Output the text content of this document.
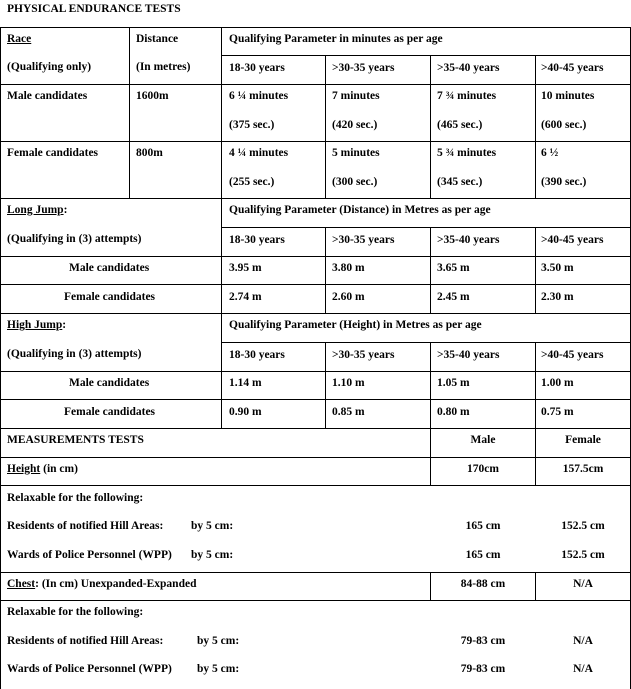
PHYSICAL ENDURANCE TESTS
Race
(Qualifying only)
Distance
(In metres)
Qualifying Parameter in minutes as per age
18-30 years	>30-35 years	>35-40 years	>40-45 years
Male candidates	1600m	6 ¼ minutes	7 minutes	7 ¾ minutes	10 minutes
(375 sec.)	(420 sec.)	(465 sec.)	(600 sec.)
Female candidates	800m	4 ¼ minutes	5 minutes	5 ¾ minutes	6 ½
(255 sec.)	(300 sec.)	(345 sec.)	(390 sec.)
Long Jump:
(Qualifying in (3) attempts)
Qualifying Parameter (Distance) in Metres as per age
18-30 years	>30-35 years	>35-40 years	>40-45 years
Male candidates	3.95 m	3.80 m	3.65 m	3.50 m
Female candidates	2.74 m	2.60 m	2.45 m	2.30 m
High Jump:
(Qualifying in (3) attempts)
Qualifying Parameter (Height) in Metres as per age
18-30 years	>30-35 years	>35-40 years	>40-45 years
Male candidates	1.14 m	1.10 m	1.05 m	1.00 m
Female candidates	0.90 m	0.85 m	0.80 m	0.75 m
MEASUREMENTS TESTS	Male	Female
Height (in cm)	170cm	157.5cm
Relaxable for the following:
Residents of notified Hill Areas: by 5 cm:	165 cm	152.5 cm
Wards of Police Personnel (WPP) by 5 cm:	165 cm	152.5 cm
Chest: (In cm) Unexpanded-Expanded	84-88 cm	N/A
Relaxable for the following:
Residents of notified Hill Areas:	by 5 cm:	79-83 cm	N/A
Wards of Police Personnel (WPP) by 5 cm:	79-83 cm	N/A
